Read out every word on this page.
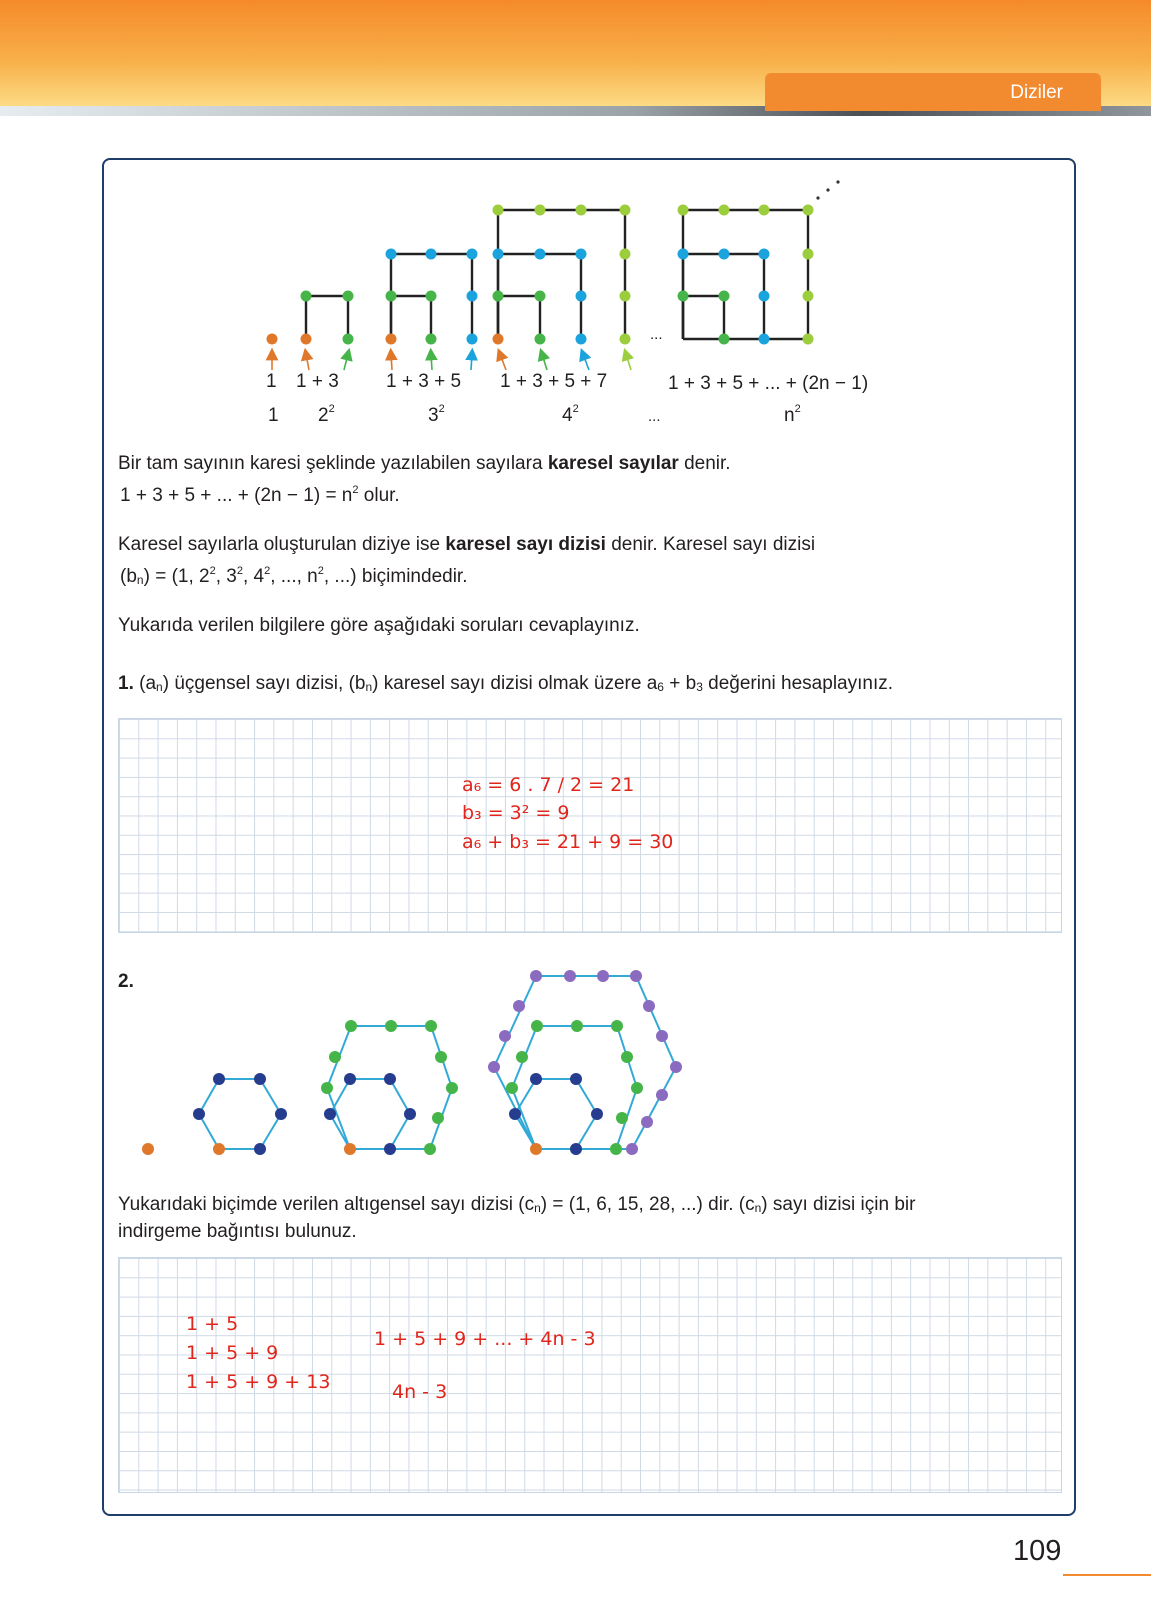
Diziler
1 1 + 3 1 + 3 + 5 1 + 3 + 5 + 7	1 + 3 + 5 + ... + (2n − 1)
...
1 $2^2$	$3^2$	$4^2$	...	$n^2$
Bir tam sayının karesi şeklinde yazılabilen sayılara karesel sayılar denir.
1 + 3 + 5 + ... + $(2n - 1) = n^2$ olur.
Karesel sayılarla oluşturulan diziye ise karesel sayı dizisi denir. Karesel sayı dizisi
$(b_n) = (1$, $2^2$, $3^2$, $4^2$, ..., $n^2$, ...) biçimindedir.
Yukarıda verilen bilgilere göre aşağıdaki soruları cevaplayınız.
1. $(a_n)$ üçgensel sayı dizisi, $(b_n)$ karesel sayı dizisi olmak üzere $a_6 + b_3$ değerini hesaplayınız.
a₆ = 6 . 7 / 2 = 21
b₃ = 3² = 9
a₆ + b₃ = 21 + 9 = 30
2.
Yukarıdaki biçimde verilen altıgensel sayı dizisi $(c_n) = (1$, 6, 15, 28, ...) dir. $(c_n)$ sayı dizisi için bir
indirgeme bağıntısı bulunuz.
1 + 5
1 + 5 + 9
1 + 5 + 9 + 13
1 + 5 + 9 + ... + 4n - 3
4n - 3
109
